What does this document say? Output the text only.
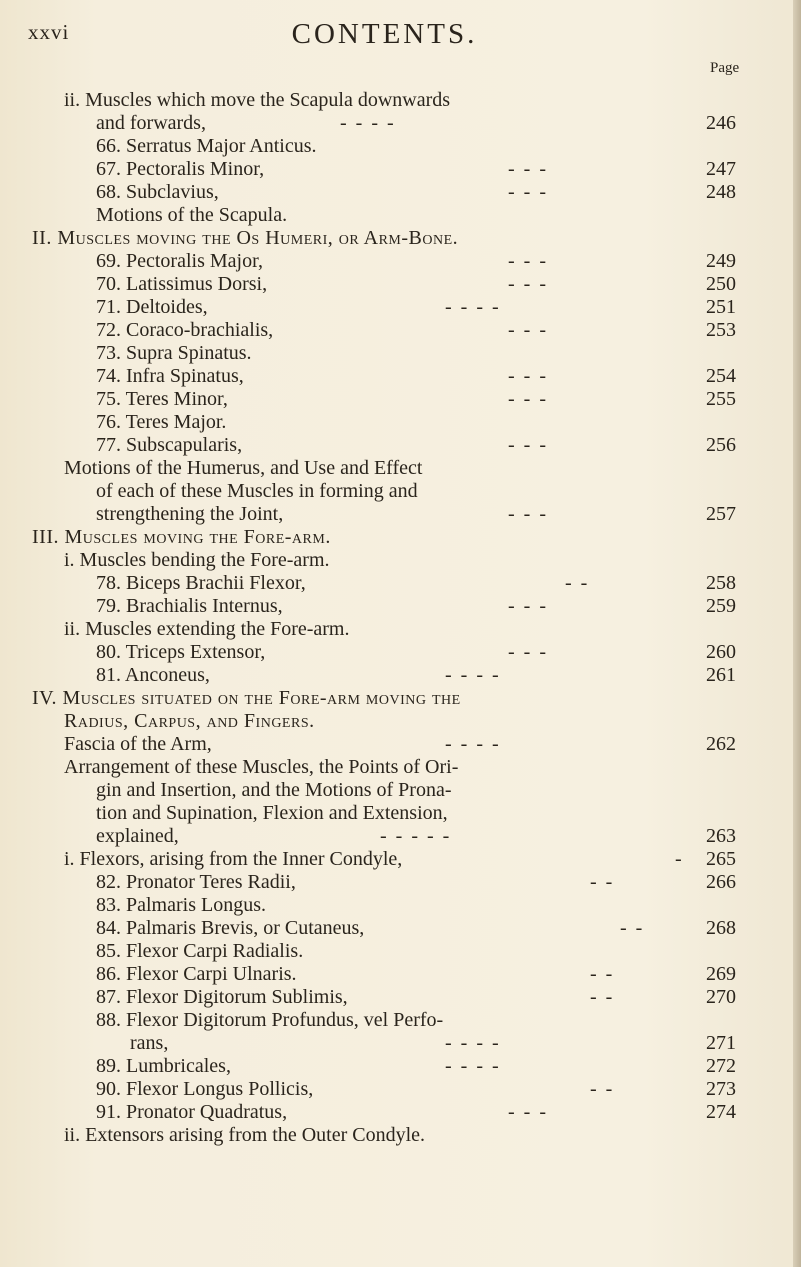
xxvi	CONTENTS.
Page
ii. Muscles which move the Scapula downwards
and forwards,	- - - -	246
66. Serratus Major Anticus.
67. Pectoralis Minor,	- - -	247
68. Subclavius,	- - -	248
Motions of the Scapula.
II. Muscles moving the Os Humeri, or Arm-Bone.
69. Pectoralis Major,	- - -	249
70. Latissimus Dorsi,	- - -	250
71. Deltoides,	- - - -	251
72. Coraco-brachialis,	- - -	253
73. Supra Spinatus.
74. Infra Spinatus,	- - -	254
75. Teres Minor,	- - -	255
76. Teres Major.
77. Subscapularis,	- - -	256
Motions of the Humerus, and Use and Effect
of each of these Muscles in forming and
strengthening the Joint,	- - -	257
III. Muscles moving the Fore-arm.
i. Muscles bending the Fore-arm.
78. Biceps Brachii Flexor,	- -	258
79. Brachialis Internus,	- - -	259
ii. Muscles extending the Fore-arm.
80. Triceps Extensor,	- - -	260
81. Anconeus,	- - - -	261
IV. Muscles situated on the Fore-arm moving the
Radius, Carpus, and Fingers.
Fascia of the Arm,	- - - -	262
Arrangement of these Muscles, the Points of Ori-
gin and Insertion, and the Motions of Prona-
tion and Supination, Flexion and Extension,
explained,	- - - - -	263
i. Flexors, arising from the Inner Condyle,	- 265
82. Pronator Teres Radii,	- -	266
83. Palmaris Longus.
84. Palmaris Brevis, or Cutaneus,	- -	268
85. Flexor Carpi Radialis.
86. Flexor Carpi Ulnaris.	- -	269
87. Flexor Digitorum Sublimis,	- -	270
88. Flexor Digitorum Profundus, vel Perfo-
rans,	- - - -	271
89. Lumbricales,	- - - -	272
90. Flexor Longus Pollicis,	- -	273
91. Pronator Quadratus,	- - -	274
ii. Extensors arising from the Outer Condyle.
